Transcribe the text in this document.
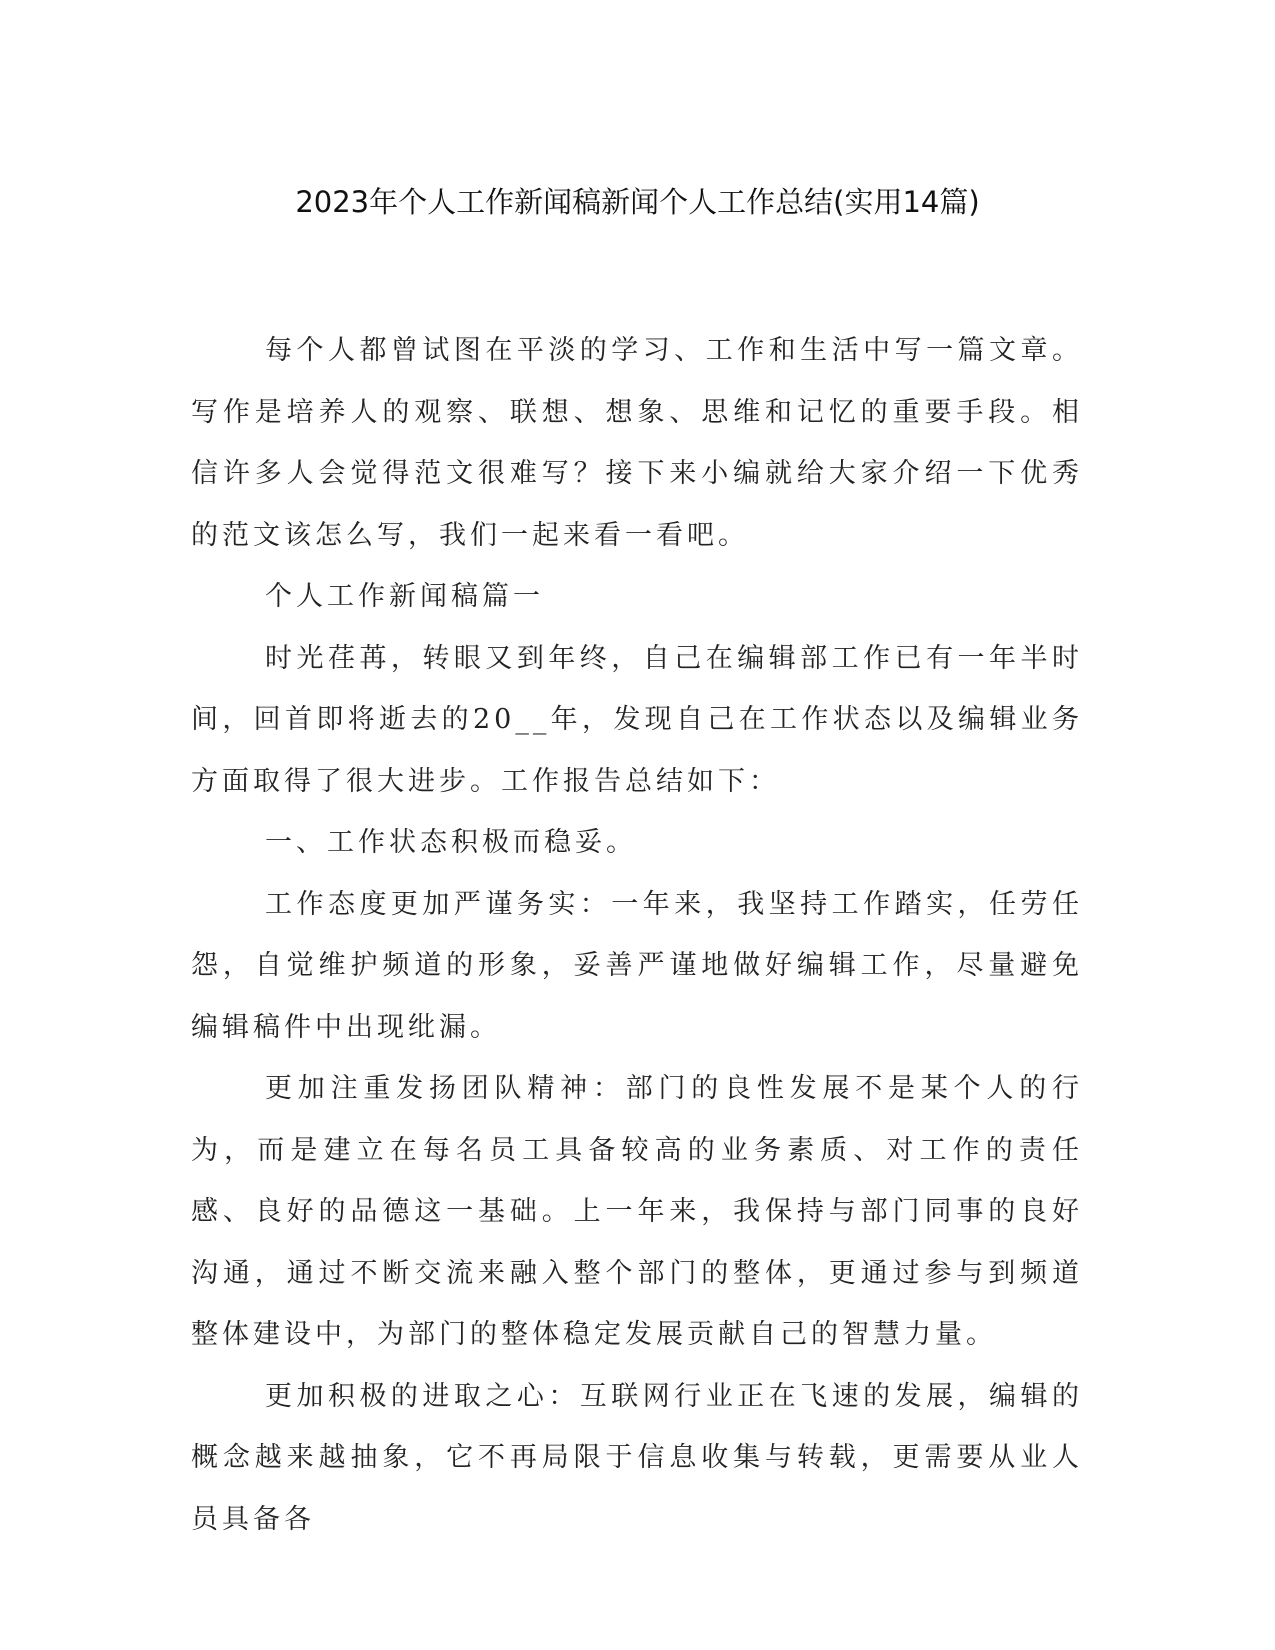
2023年个人工作新闻稿新闻个人工作总结(实用14篇)

每个人都曾试图在平淡的学习、工作和生活中写一篇文章。写作是培养人的观察、联想、想象、思维和记忆的重要手段。相信许多人会觉得范文很难写？接下来小编就给大家介绍一下优秀的范文该怎么写，我们一起来看一看吧。

个人工作新闻稿篇一

时光荏苒，转眼又到年终，自己在编辑部工作已有一年半时间，回首即将逝去的20__年，发现自己在工作状态以及编辑业务方面取得了很大进步。工作报告总结如下：

一、工作状态积极而稳妥。

工作态度更加严谨务实：一年来，我坚持工作踏实，任劳任怨，自觉维护频道的形象，妥善严谨地做好编辑工作，尽量避免编辑稿件中出现纰漏。

更加注重发扬团队精神：部门的良性发展不是某个人的行为，而是建立在每名员工具备较高的业务素质、对工作的责任感、良好的品德这一基础。上一年来，我保持与部门同事的良好沟通，通过不断交流来融入整个部门的整体，更通过参与到频道整体建设中，为部门的整体稳定发展贡献自己的智慧力量。

更加积极的进取之心：互联网行业正在飞速的发展，编辑的概念越来越抽象，它不再局限于信息收集与转载，更需要从业人员具备各
